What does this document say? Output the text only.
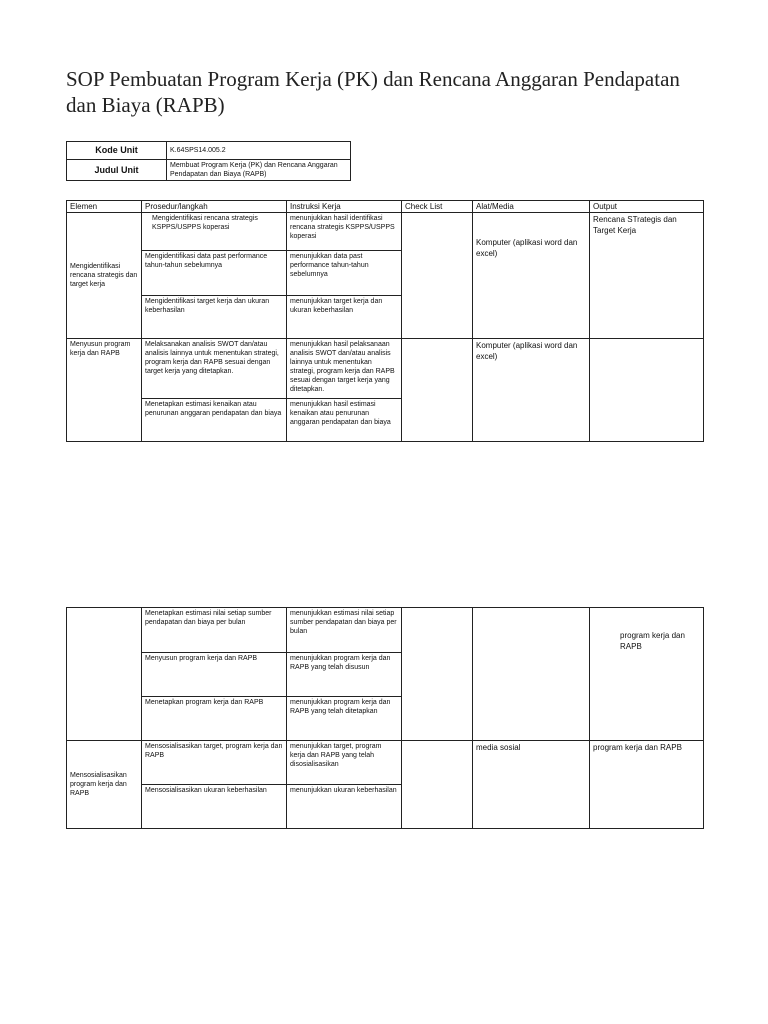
SOP Pembuatan Program Kerja (PK) dan Rencana Anggaran Pendapatan dan Biaya (RAPB)
Kode Unit	K.64SPS14.005.2
Judul Unit	Membuat Program Kerja (PK) dan Rencana Anggaran Pendapatan dan Biaya (RAPB)
Elemen	Prosedur/langkah	Instruksi Kerja	Check List	Alat/Media	Output
Mengidentifikasi rencana strategis dan target kerja	Mengidentifikasi rencana strategis KSPPS/USPPS koperasi	menunjukkan hasil identifikasi rencana strategis KSPPS/USPPS koperasi		Komputer (aplikasi word dan excel)	Rencana STrategis dan Target Kerja
	Mengidentifikasi data past performance tahun-tahun sebelumnya	menunjukkan data past performance tahun-tahun sebelumnya			
	Mengidentifikasi target kerja dan ukuran keberhasilan	menunjukkan target kerja dan ukuran keberhasilan			
Menyusun program kerja dan RAPB	Melaksanakan analisis SWOT dan/atau analisis lainnya untuk menentukan strategi, program kerja dan RAPB sesuai dengan target kerja yang ditetapkan.	menunjukkan hasil pelaksanaan analisis SWOT dan/atau analisis lainnya untuk menentukan strategi, program kerja dan RAPB sesuai dengan target kerja yang ditetapkan.		Komputer (aplikasi word dan excel)	
	Menetapkan estimasi kenaikan atau penurunan anggaran pendapatan dan biaya	menunjukkan hasil estimasi kenaikan atau penurunan anggaran pendapatan dan biaya			
	Menetapkan estimasi nilai setiap sumber pendapatan dan biaya per bulan	menunjukkan estimasi nilai setiap sumber pendapatan dan biaya per bulan			program kerja dan RAPB
	Menyusun program kerja dan RAPB	menunjukkan program kerja dan RAPB yang telah disusun			
	Menetapkan program kerja dan RAPB	menunjukkan program kerja dan RAPB yang telah ditetapkan			
Mensosialisasikan program kerja dan RAPB	Mensosialisasikan target, program kerja dan RAPB	menunjukkan target, program kerja dan RAPB yang telah disosialisasikan		media sosial	program kerja dan RAPB
	Mensosialisasikan ukuran keberhasilan	menunjukkan ukuran keberhasilan			
